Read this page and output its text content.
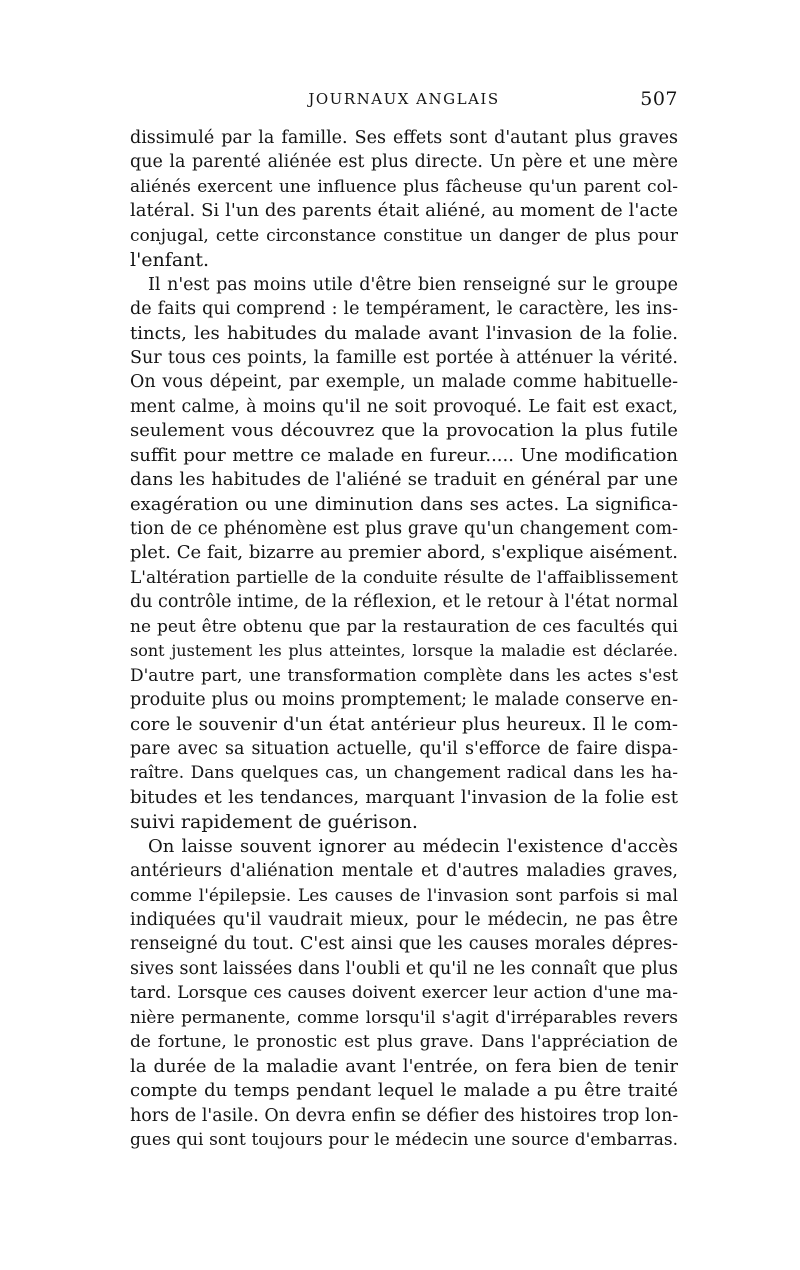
JOURNAUX ANGLAIS	507
dissimulé par la famille. Ses effets sont d'autant plus graves
que la parenté aliénée est plus directe. Un père et une mère
aliénés exercent une influence plus fâcheuse qu'un parent col-
latéral. Si l'un des parents était aliéné, au moment de l'acte
conjugal, cette circonstance constitue un danger de plus pour
l'enfant.
Il n'est pas moins utile d'être bien renseigné sur le groupe
de faits qui comprend : le tempérament, le caractère, les ins-
tincts, les habitudes du malade avant l'invasion de la folie.
Sur tous ces points, la famille est portée à atténuer la vérité.
On vous dépeint, par exemple, un malade comme habituelle-
ment calme, à moins qu'il ne soit provoqué. Le fait est exact,
seulement vous découvrez que la provocation la plus futile
suffit pour mettre ce malade en fureur..... Une modification
dans les habitudes de l'aliéné se traduit en général par une
exagération ou une diminution dans ses actes. La significa-
tion de ce phénomène est plus grave qu'un changement com-
plet. Ce fait, bizarre au premier abord, s'explique aisément.
L'altération partielle de la conduite résulte de l'affaiblissement
du contrôle intime, de la réflexion, et le retour à l'état normal
ne peut être obtenu que par la restauration de ces facultés qui
sont justement les plus atteintes, lorsque la maladie est déclarée.
D'autre part, une transformation complète dans les actes s'est
produite plus ou moins promptement; le malade conserve en-
core le souvenir d'un état antérieur plus heureux. Il le com-
pare avec sa situation actuelle, qu'il s'efforce de faire dispa-
raître. Dans quelques cas, un changement radical dans les ha-
bitudes et les tendances, marquant l'invasion de la folie est
suivi rapidement de guérison.
On laisse souvent ignorer au médecin l'existence d'accès
antérieurs d'aliénation mentale et d'autres maladies graves,
comme l'épilepsie. Les causes de l'invasion sont parfois si mal
indiquées qu'il vaudrait mieux, pour le médecin, ne pas être
renseigné du tout. C'est ainsi que les causes morales dépres-
sives sont laissées dans l'oubli et qu'il ne les connaît que plus
tard. Lorsque ces causes doivent exercer leur action d'une ma-
nière permanente, comme lorsqu'il s'agit d'irréparables revers
de fortune, le pronostic est plus grave. Dans l'appréciation de
la durée de la maladie avant l'entrée, on fera bien de tenir
compte du temps pendant lequel le malade a pu être traité
hors de l'asile. On devra enfin se défier des histoires trop lon-
gues qui sont toujours pour le médecin une source d'embarras.
